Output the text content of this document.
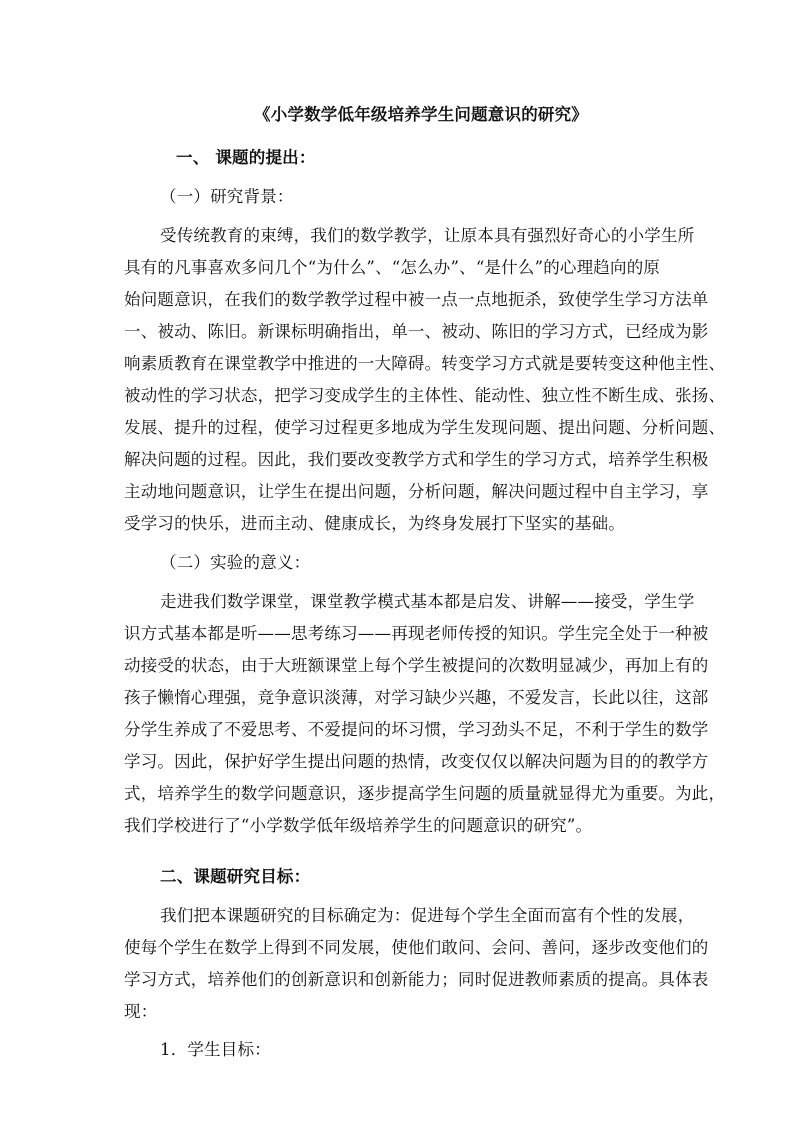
《小学数学低年级培养学生问题意识的研究》
一、 课题的提出：
（一）研究背景：
受传统教育的束缚，我们的数学教学，让原本具有强烈好奇心的小学生所
具有的凡事喜欢多问几个“为什么”、“怎么办”、“是什么”的心理趋向的原
始问题意识，在我们的数学教学过程中被一点一点地扼杀，致使学生学习方法单
一、被动、陈旧。新课标明确指出，单一、被动、陈旧的学习方式，已经成为影
响素质教育在课堂教学中推进的一大障碍。转变学习方式就是要转变这种他主性、
被动性的学习状态，把学习变成学生的主体性、能动性、独立性不断生成、张扬、
发展、提升的过程，使学习过程更多地成为学生发现问题、提出问题、分析问题、
解决问题的过程。因此，我们要改变教学方式和学生的学习方式，培养学生积极
主动地问题意识，让学生在提出问题，分析问题，解决问题过程中自主学习，享
受学习的快乐，进而主动、健康成长，为终身发展打下坚实的基础。
（二）实验的意义：
走进我们数学课堂，课堂教学模式基本都是启发、讲解——接受，学生学
识方式基本都是听——思考练习——再现老师传授的知识。学生完全处于一种被
动接受的状态，由于大班额课堂上每个学生被提问的次数明显减少，再加上有的
孩子懒惰心理强，竞争意识淡薄，对学习缺少兴趣，不爱发言，长此以往，这部
分学生养成了不爱思考、不爱提问的坏习惯，学习劲头不足，不利于学生的数学
学习。因此，保护好学生提出问题的热情，改变仅仅以解决问题为目的的教学方
式，培养学生的数学问题意识，逐步提高学生问题的质量就显得尤为重要。为此，
我们学校进行了“小学数学低年级培养学生的问题意识的研究”。
二、课题研究目标：
我们把本课题研究的目标确定为：促进每个学生全面而富有个性的发展，
使每个学生在数学上得到不同发展，使他们敢问、会问、善问，逐步改变他们的
学习方式，培养他们的创新意识和创新能力；同时促进教师素质的提高。具体表
现：
1．学生目标：
